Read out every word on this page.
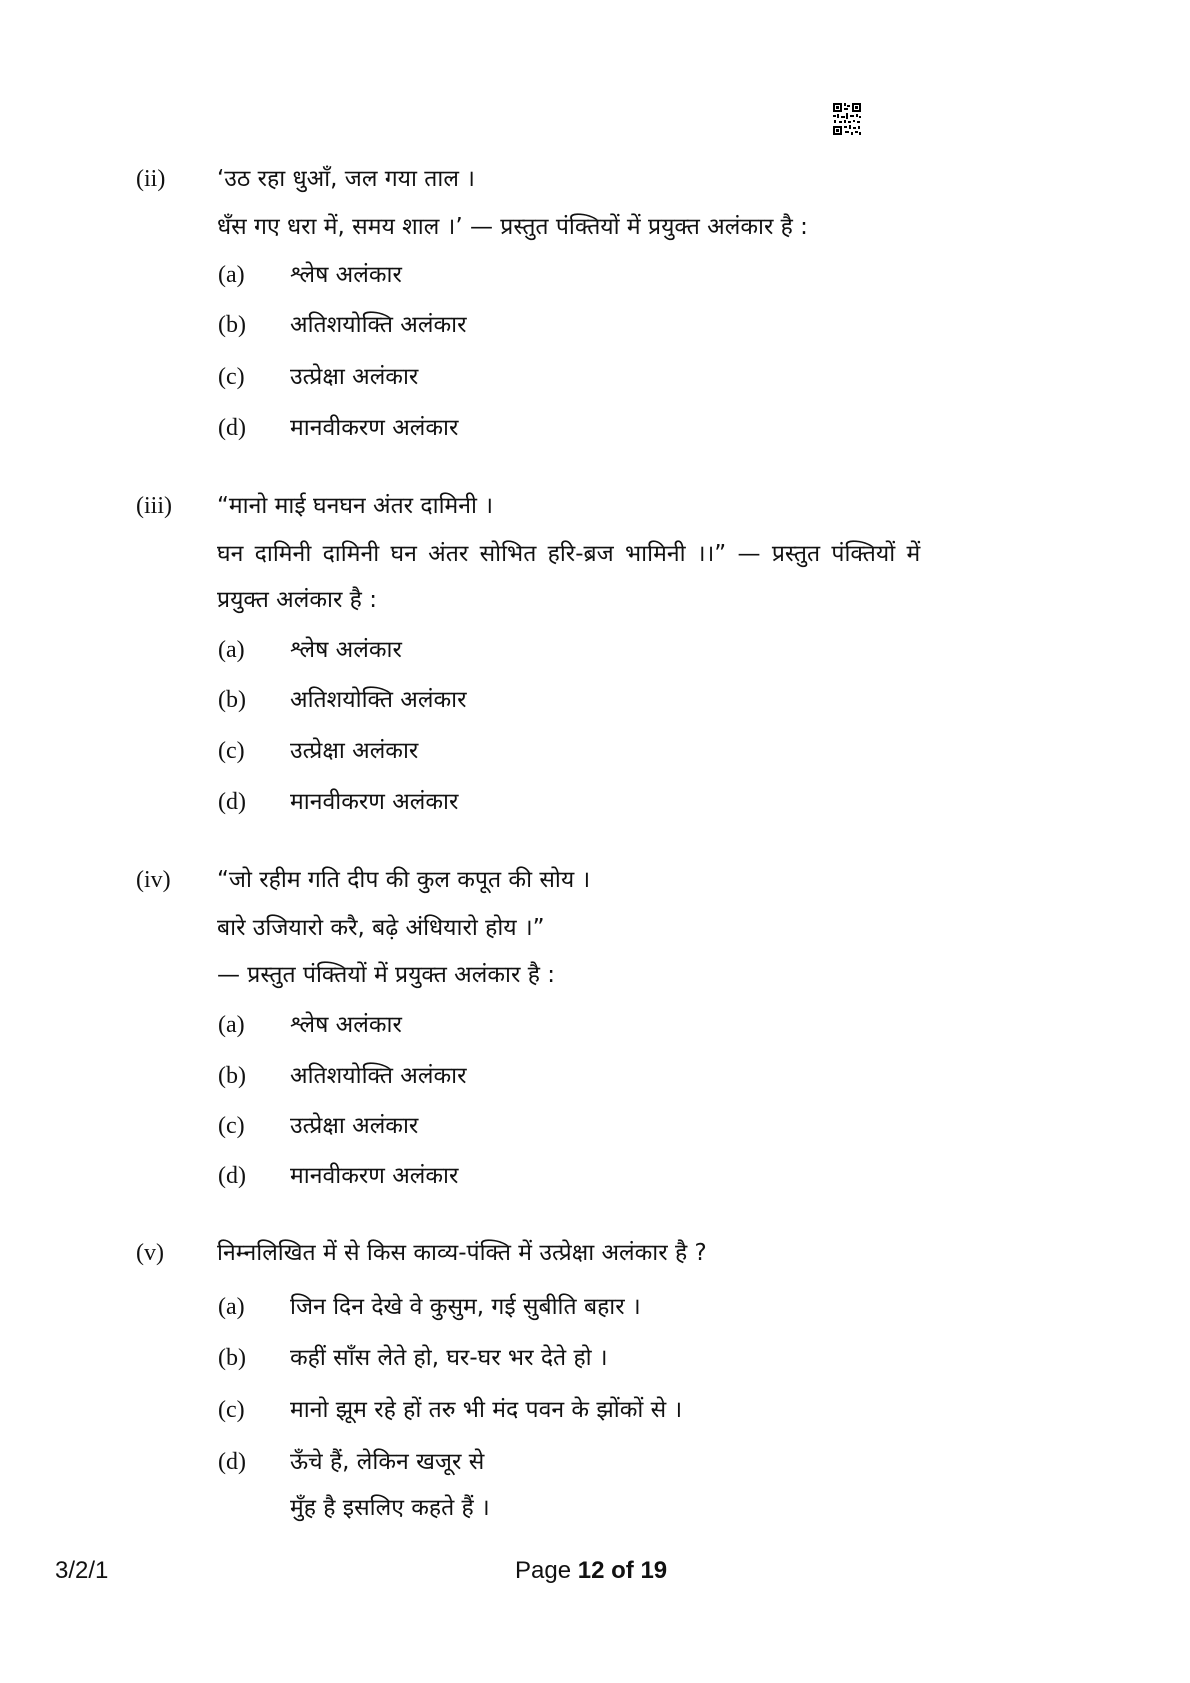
(ii) ‘उठ रहा धुआँ, जल गया ताल ।
धँस गए धरा में, समय शाल ।’ — प्रस्तुत पंक्तियों में प्रयुक्त अलंकार है :
(a) श्लेष अलंकार
(b) अतिशयोक्ति अलंकार
(c) उत्प्रेक्षा अलंकार
(d) मानवीकरण अलंकार
(iii) “मानो माई घनघन अंतर दामिनी ।
घन दामिनी दामिनी घन अंतर सोभित हरि-ब्रज भामिनी ।।” — प्रस्तुत पंक्तियों में
प्रयुक्त अलंकार है :
(a) श्लेष अलंकार
(b) अतिशयोक्ति अलंकार
(c) उत्प्रेक्षा अलंकार
(d) मानवीकरण अलंकार
(iv) “जो रहीम गति दीप की कुल कपूत की सोय ।
बारे उजियारो करै, बढ़े अंधियारो होय ।”
— प्रस्तुत पंक्तियों में प्रयुक्त अलंकार है :
(a) श्लेष अलंकार
(b) अतिशयोक्ति अलंकार
(c) उत्प्रेक्षा अलंकार
(d) मानवीकरण अलंकार
(v) निम्नलिखित में से किस काव्य-पंक्ति में उत्प्रेक्षा अलंकार है ?
(a) जिन दिन देखे वे कुसुम, गई सुबीति बहार ।
(b) कहीं साँस लेते हो, घर-घर भर देते हो ।
(c) मानो झूम रहे हों तरु भी मंद पवन के झोंकों से ।
(d) ऊँचे हैं, लेकिन खजूर से
मुँह है इसलिए कहते हैं ।
3/2/1	Page 12 of 19
